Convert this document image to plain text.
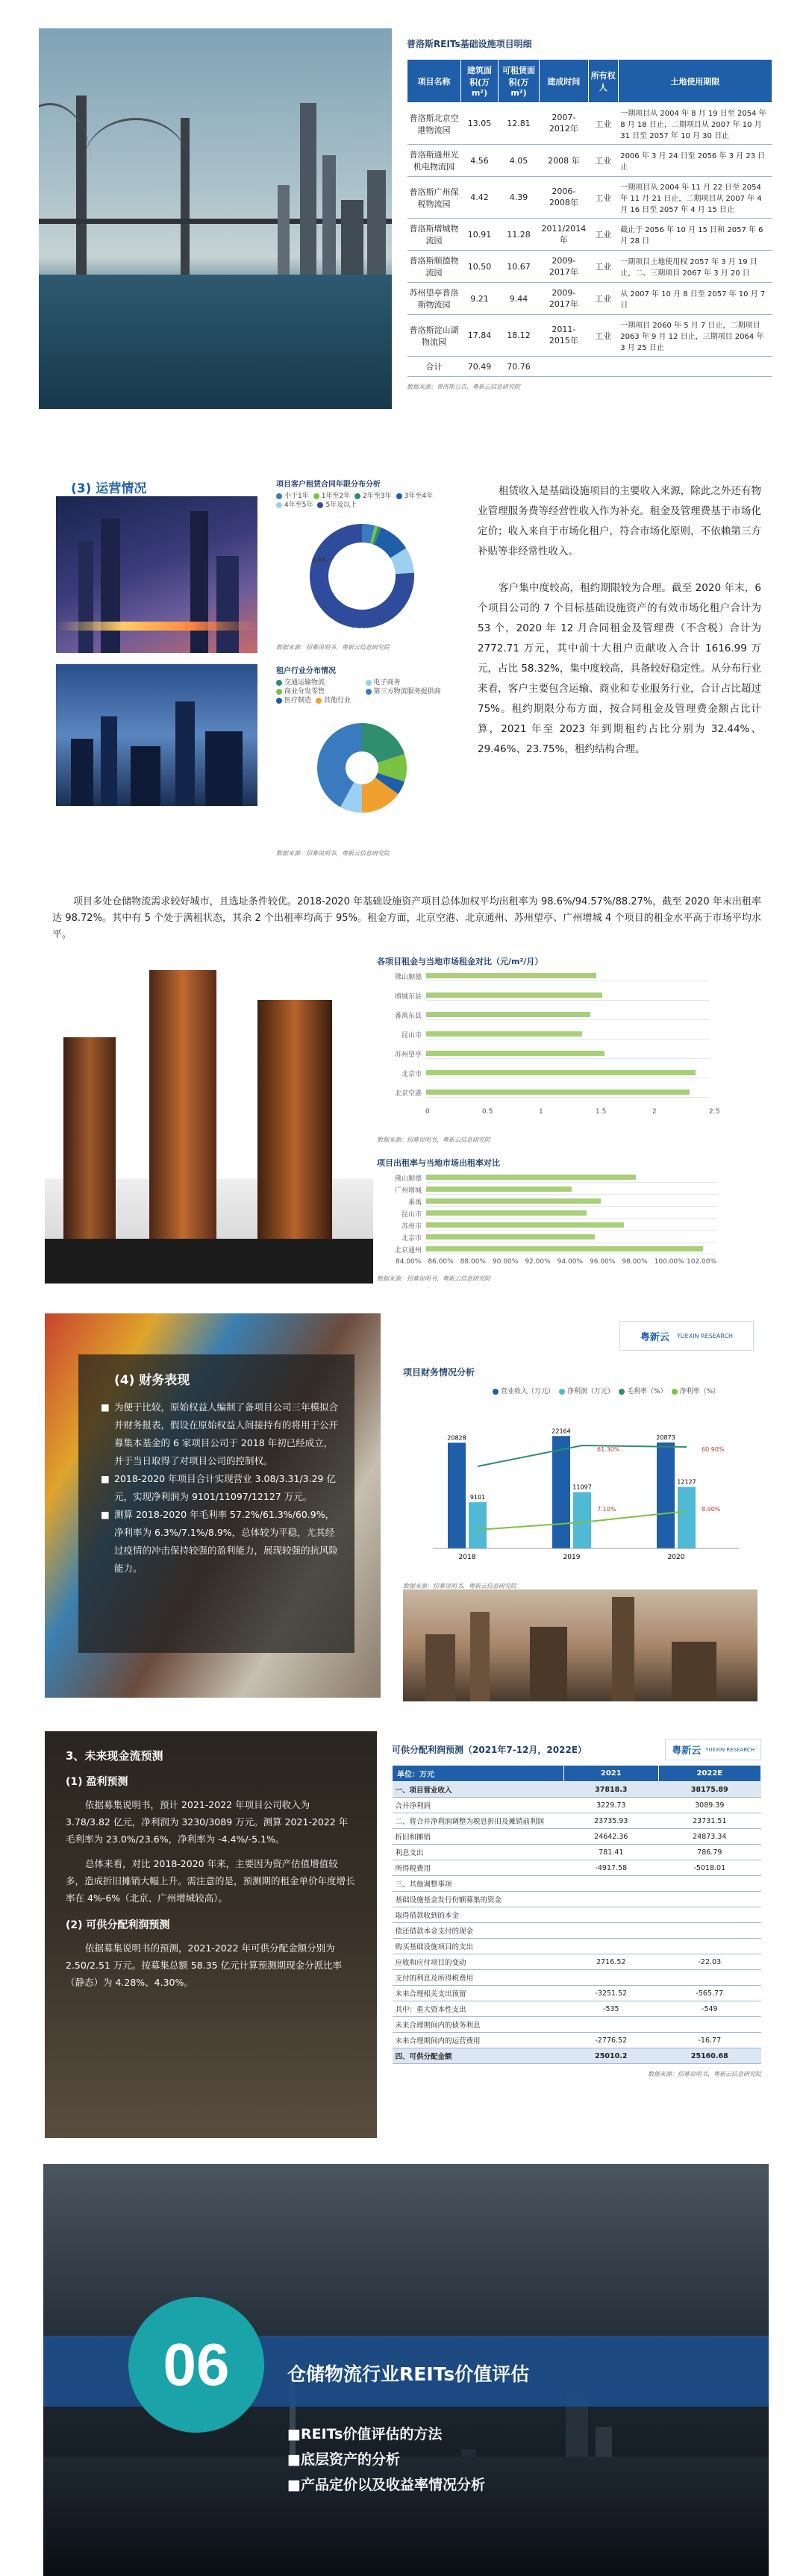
普洛斯REITs基础设施项目明细
项目名称	建筑面积(万m²)	可租赁面积(万m²)	建成时间	所有权人	土地使用期限
普洛斯北京空港物流园	13.05	12.81	2007-2012年	工业	一期项目从 2004 年 8 月 19 日至 2054 年 8 月 18 日止，二期项目从 2007 年 10 月 31 日至 2057 年 10 月 30 日止
普洛斯通州光机电物流园	4.56	4.05	2008 年	工业	2006 年 3 月 24 日至 2056 年 3 月 23 日止
普洛斯广州保税物流园	4.42	4.39	2006-2008年	工业	一期项目从 2004 年 11 月 22 日至 2054 年 11 月 21 日止，二期项目从 2007 年 4 月 16 日至 2057 年 4 月 15 日止
普洛斯增城物流园	10.91	11.28	2011/2014年	工业	截止于 2056 年 10 月 15 日和 2057 年 6 月 28 日
普洛斯顺德物流园	10.50	10.67	2009-2017年	工业	一期项目土地使用权 2057 年 3 月 19 日止，二、三期项目 2067 年 3 月 20 日
苏州望亭普洛斯物流园	9.21	9.44	2009-2017年	工业	从 2007 年 10 月 8 日至 2057 年 10 月 7 日
普洛斯淀山湖物流园	17.84	18.12	2011-2015年	工业	一期项目 2060 年 5 月 7 日止，二期项目 2063 年 9 月 12 日止，三期项目 2064 年 3 月 25 日止
合计	70.49	70.76			
数据来源：普洛斯公告、粤新云信息研究院
(3) 运营情况	项目客户租赁合同年限分布分析
小于1年 1年至2年 2年至3年 3年至4年4年至5年 5年及以上
78.00%
0.8%
数据来源：招募说明书，粤新云信息研究院
租户行业分布情况
交通运输物流商业分发零售医疗制造 其他行业电子商务第三方物流服务提供商
数据来源：招募说明书，粤新云信息研究院

租赁收入是基础设施项目的主要收入来源，除此之外还有物业管理服务费等经营性收入作为补充。租金及管理费基于市场化定价；收入来自于市场化租户，符合市场化原则，不依赖第三方补贴等非经常性收入。

客户集中度较高，租约期限较为合理。截至 2020 年末，6 个项目公司的 7 个目标基础设施资产的有效市场化租户合计为 53 个，2020 年 12 月合同租金及管理费（不含税）合计为 2772.71 万元，其中前十大租户贡献收入合计 1616.99 万元，占比 58.32%，集中度较高，具备较好稳定性。从分布行业来看，客户主要包含运输、商业和专业服务行业，合计占比超过 75%。租约期限分布方面，按合同租金及管理费金额占比计算，2021 年至 2023 年到期租约占比分别为 32.44%、29.46%、23.75%，租约结构合理。

项目多处仓储物流需求较好城市，且选址条件较优。2018-2020 年基础设施资产项目总体加权平均出租率为 98.6%/94.57%/88.27%，截至 2020 年末出租率达 98.72%。其中有 5 个处于满租状态，其余 2 个出租率均高于 95%。租金方面，北京空港、北京通州、苏州望亭、广州增城 4 个项目的租金水平高于市场平均水平。

各项目租金与当地市场租金对比（元/m²/月）
佛山顺德
增城东县
番禺东县
昆山市
苏州望亭
北京市
北京空港
0	0.5	1	1.5	2	2.5
数据来源：招募说明书，粤新云信息研究院
项目出租率与当地市场出租率对比
佛山顺德
广州增城
番禺
昆山市
苏州市
北京市
北京通州
84.00% 86.00% 88.00% 90.00% 92.00% 94.00% 96.00% 98.00% 100.00% 102.00%
数据来源：招募说明书，粤新云信息研究院
(4) 财务表现
■ 为便于比较，原始权益人编制了备项目公司三年模拟合并财务报表，假设在原始权益人间接持有的将用于公开募集本基金的 6 家项目公司于 2018 年初已经成立，并于当日取得了对项目公司的控制权。
■ 2018-2020 年项目合计实现营业 3.08/3.31/3.29 亿元，实现净利润为 9101/11097/12127 万元。
■ 测算 2018-2020 年毛利率 57.2%/61.3%/60.9%，净利率为 6.3%/7.1%/8.9%，总体较为平稳，尤其经过疫情的冲击保持较强的盈利能力，展现较强的抗风险能力。
粤新云 YUEXIN RESEARCH
项目财务情况分析
营业收入（万元） 净利润（万元） 毛利率（%） 净利率（%）
20828
9101
2018
22164
11097
2019
61.30%
7.10%
20873
12127
2020
60.90%
8.90%
数据来源：招募说明书，粤新云信息研究院
3、未来现金流预测
(1) 盈利预测

依据募集说明书，预计 2021-2022 年项目公司收入为 3.78/3.82 亿元，净利润为 3230/3089 万元。测算 2021-2022 年毛利率为 23.0%/23.6%，净利率为 -4.4%/-5.1%。

总体来看，对比 2018-2020 年来，主要因为资产估值增值较多，造成折旧摊销大幅上升。需注意的是，预测期的租金单价年度增长率在 4%-6%（北京、广州增城较高）。

(2) 可供分配利润预测

依据募集说明书的预测，2021-2022 年可供分配金额分别为 2.50/2.51 万元。按募集总额 58.35 亿元计算预测期现金分派比率（静态）为 4.28%、4.30%。

可供分配利润预测（2021年7-12月，2022E）	粤新云 YUEXIN RESEARCH
单位：万元	2021	2022E
一、项目营业收入	37818.3	38175.89
合并净利润	3229.73	3089.39
二、将合并净利润调整为税息折旧及摊销前利润	23735.93	23731.51
折旧和摊销	24642.36	24873.34
利息支出	781.41	786.79
所得税费用	-4917.58	-5018.01
三、其他调整事项		
基础设施基金发行份额募集的资金		
取得借款收到的本金		
偿还借款本金支付的现金		
购买基础设施项目的支出		
应收和应付项目的变动	2716.52	-22.03
支付的利息及所得税费用		
未来合理相关支出预留	-3251.52	-565.77
其中：重大资本性支出	-535	-549
未来合理期间内的债务利息		
未来合理期间内的运营费用	-2776.52	-16.77
四、可供分配金额	25010.2	25160.68
数据来源：招募说明书，粤新云信息研究院
06	仓储物流行业REITs价值评估
■REITs价值评估的方法
■底层资产的分析
■产品定价以及收益率情况分析
